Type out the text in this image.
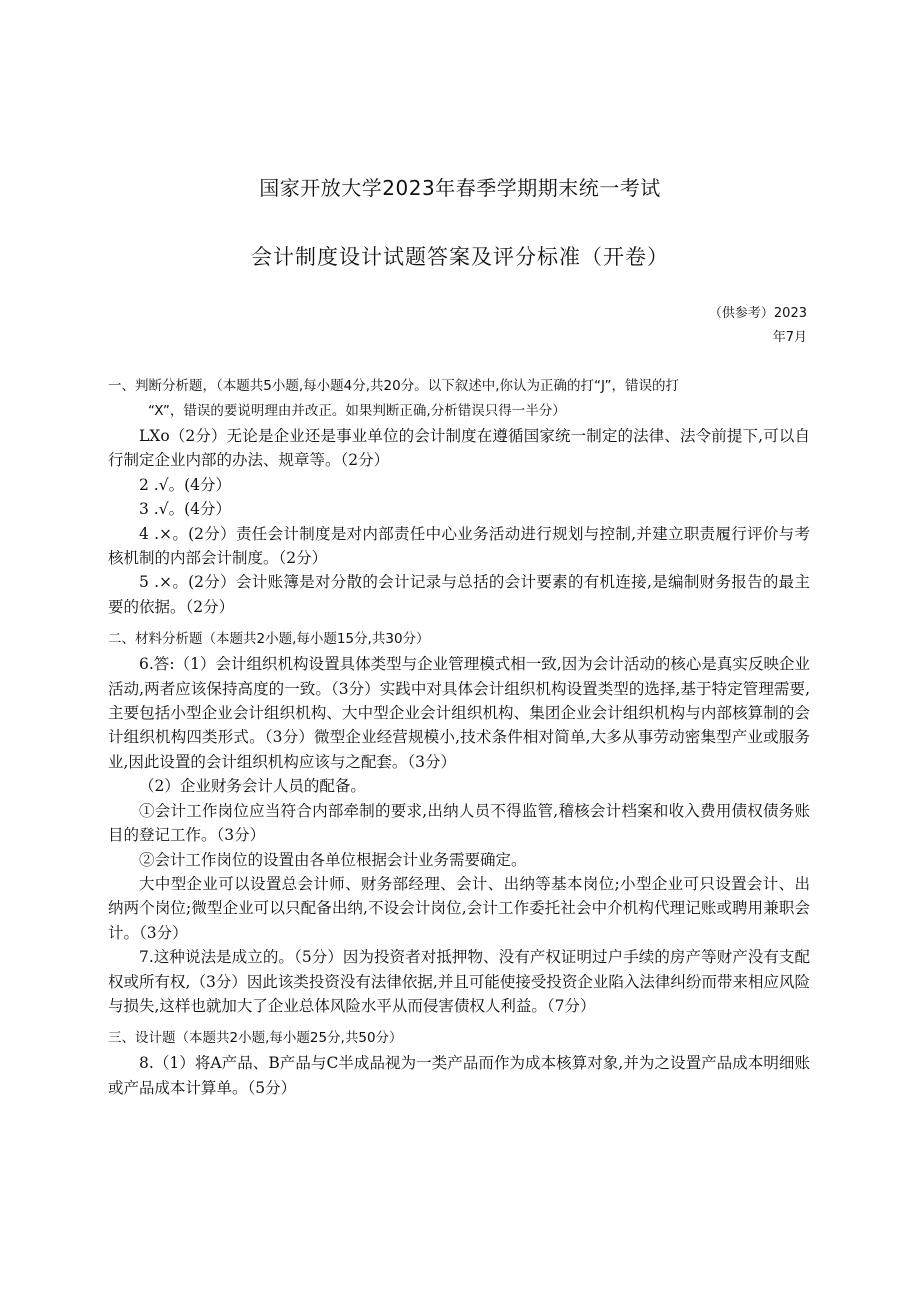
国家开放大学2023年春季学期期末统一考试
会计制度设计试题答案及评分标准（开卷）
（供参考）2023
年7月
一、判断分析题，（本题共5小题,每小题4分,共20分。以下叙述中,你认为正确的打“J”，错误的打
“X”，错误的要说明理由并改正。如果判断正确,分析错误只得一半分）
LXo（2分）无论是企业还是事业单位的会计制度在遵循国家统一制定的法律、法令前提下,可以自行制定企业内部的办法、规章等。（2分）
2 .√。(4分）
3 .√。(4分）
4 .×。(2分）责任会计制度是对内部责任中心业务活动进行规划与控制,并建立职责履行评价与考核机制的内部会计制度。（2分）
5 .×。(2分）会计账簿是对分散的会计记录与总括的会计要素的有机连接,是编制财务报告的最主要的依据。（2分）
二、材料分析题（本题共2小题,每小题15分,共30分）
6.答:（1）会计组织机构设置具体类型与企业管理模式相一致,因为会计活动的核心是真实反映企业活动,两者应该保持高度的一致。（3分）实践中对具体会计组织机构设置类型的选择,基于特定管理需要,主要包括小型企业会计组织机构、大中型企业会计组织机构、集团企业会计组织机构与内部核算制的会计组织机构四类形式。（3分）微型企业经营规模小,技术条件相对简单,大多从事劳动密集型产业或服务业,因此设置的会计组织机构应该与之配套。（3分）
（2）企业财务会计人员的配备。
①会计工作岗位应当符合内部牵制的要求,出纳人员不得监管,稽核会计档案和收入费用债权债务账目的登记工作。（3分）
②会计工作岗位的设置由各单位根据会计业务需要确定。
大中型企业可以设置总会计师、财务部经理、会计、出纳等基本岗位;小型企业可只设置会计、出纳两个岗位;微型企业可以只配备出纳,不设会计岗位,会计工作委托社会中介机构代理记账或聘用兼职会计。（3分）
7.这种说法是成立的。（5分）因为投资者对抵押物、没有产权证明过户手续的房产等财产没有支配权或所有权,（3分）因此该类投资没有法律依据,并且可能使接受投资企业陷入法律纠纷而带来相应风险与损失,这样也就加大了企业总体风险水平从而侵害债权人利益。（7分）
三、设计题（本题共2小题,每小题25分,共50分）
8.（1）将A产品、B产品与C半成品视为一类产品而作为成本核算对象,并为之设置产品成本明细账或产品成本计算单。（5分）
